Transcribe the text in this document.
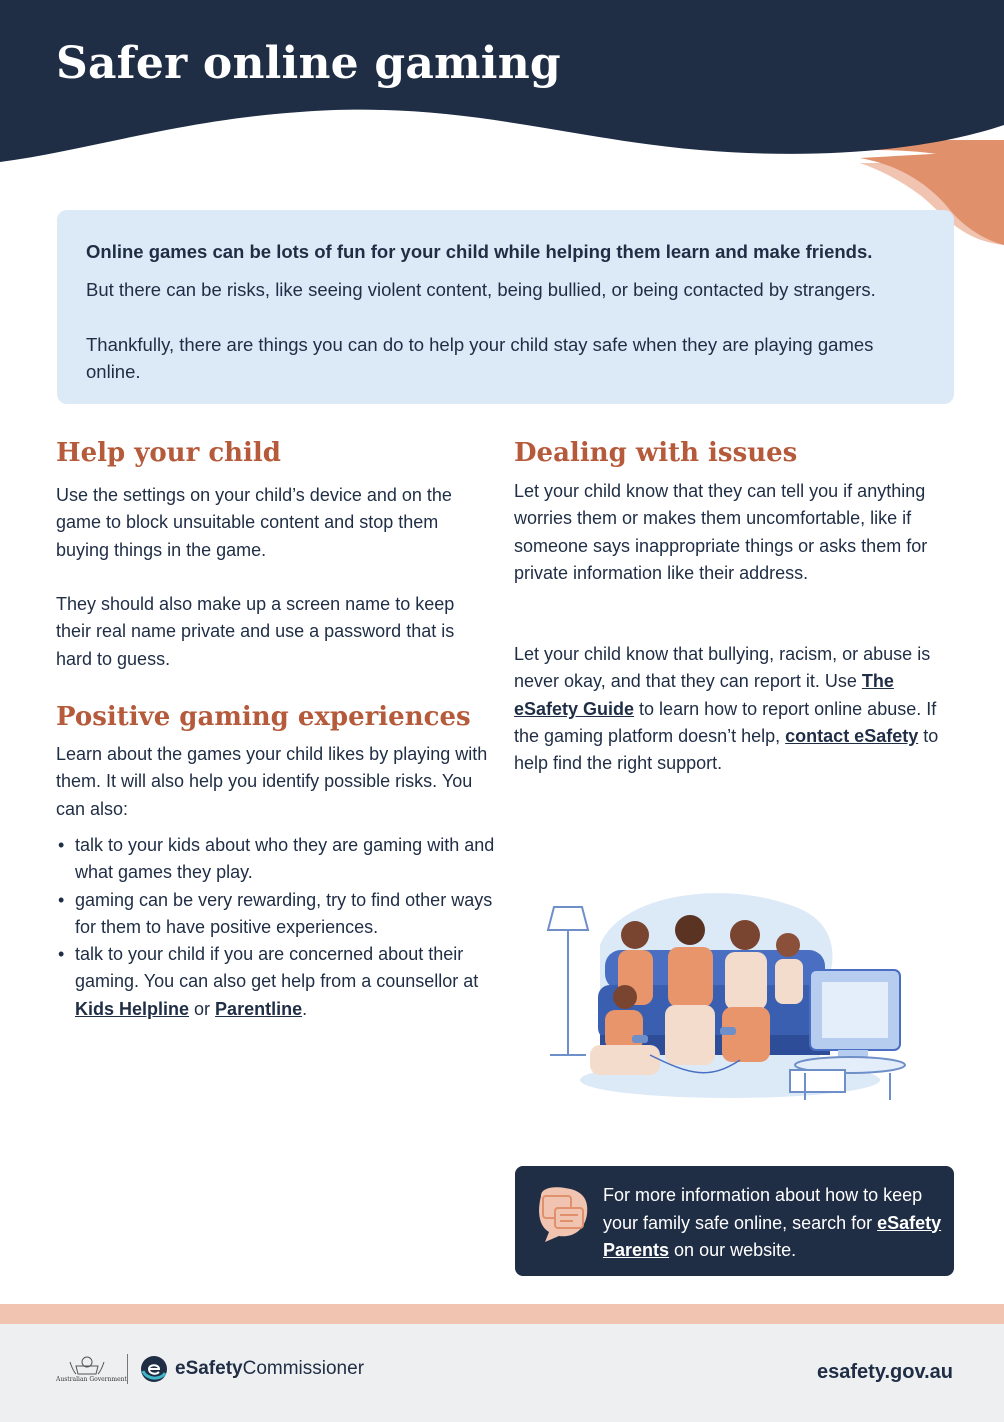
Safer online gaming
Online games can be lots of fun for your child while helping them learn and make friends.

But there can be risks, like seeing violent content, being bullied, or being contacted by strangers.

Thankfully, there are things you can do to help your child stay safe when they are playing games online.

Help your child

Use the settings on your child’s device and on the game to block unsuitable content and stop them buying things in the game.

They should also make up a screen name to keep their real name private and use a password that is hard to guess.

Positive gaming experiences

Learn about the games your child likes by playing with them. It will also help you identify possible risks. You can also:

• talk to your kids about who they are gaming with and what games they play.
• gaming can be very rewarding, try to find other ways for them to have positive experiences.
• talk to your child if you are concerned about their gaming. You can also get help from a counsellor at Kids Helpline or Parentline.
Dealing with issues

Let your child know that they can tell you if anything worries them or makes them uncomfortable, like if someone says inappropriate things or asks them for private information like their address.

Let your child know that bullying, racism, or abuse is never okay, and that they can report it. Use The eSafety Guide to learn how to report online abuse. If the gaming platform doesn’t help, contact eSafety to help find the right support.

For more information about how to keep your family safe online, search for eSafety Parents on our website.
Australian Government
eSafetyCommissioner	esafety.gov.au
